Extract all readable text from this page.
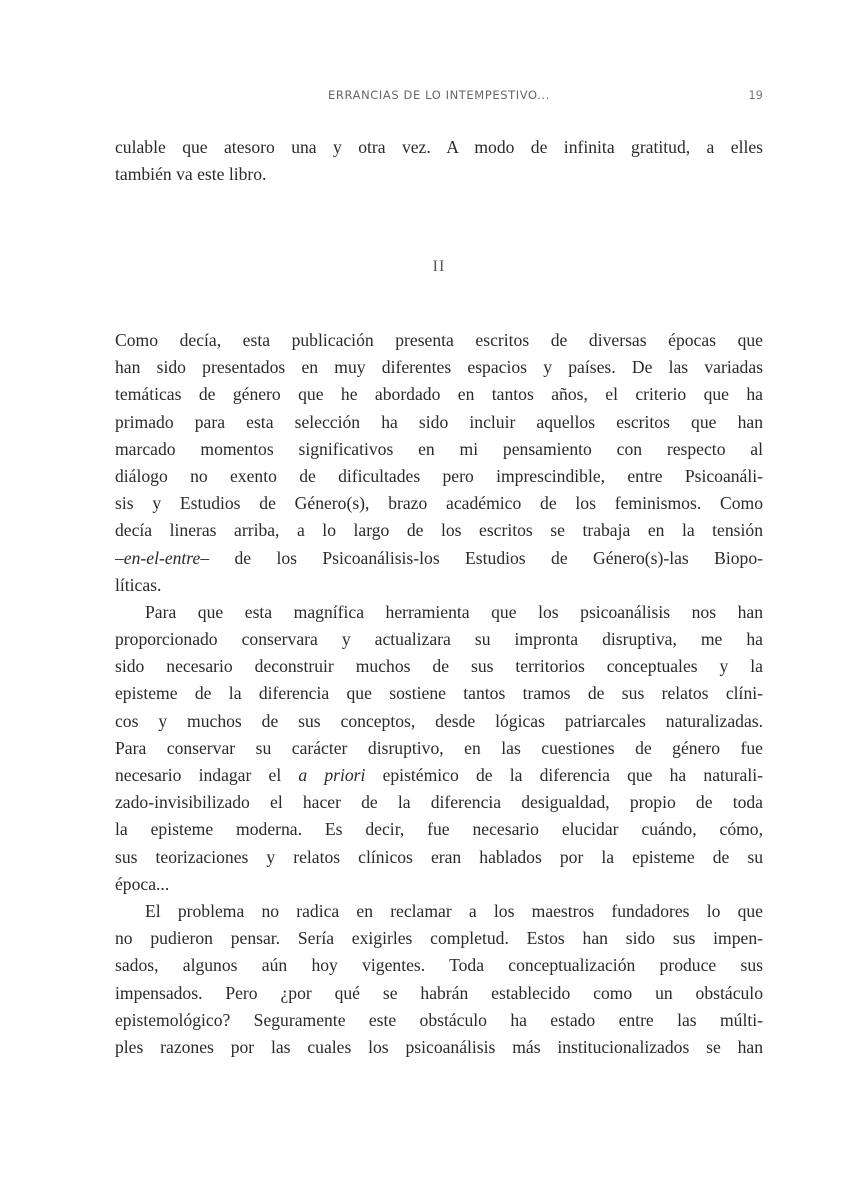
ERRANCIAS DE LO INTEMPESTIVO...	19
culable que atesoro una y otra vez. A modo de infinita gratitud, a elles
también va este libro.
II
Como decía, esta publicación presenta escritos de diversas épocas que
han sido presentados en muy diferentes espacios y países. De las variadas
temáticas de género que he abordado en tantos años, el criterio que ha
primado para esta selección ha sido incluir aquellos escritos que han
marcado momentos significativos en mi pensamiento con respecto al
diálogo no exento de dificultades pero imprescindible, entre Psicoanáli-
sis y Estudios de Género(s), brazo académico de los feminismos. Como
decía lineras arriba, a lo largo de los escritos se trabaja en la tensión
–en-el-entre– de los Psicoanálisis-los Estudios de Género(s)-las Biopo-
líticas.
Para que esta magnífica herramienta que los psicoanálisis nos han
proporcionado conservara y actualizara su impronta disruptiva, me ha
sido necesario deconstruir muchos de sus territorios conceptuales y la
episteme de la diferencia que sostiene tantos tramos de sus relatos clíni-
cos y muchos de sus conceptos, desde lógicas patriarcales naturalizadas.
Para conservar su carácter disruptivo, en las cuestiones de género fue
necesario indagar el a priori epistémico de la diferencia que ha naturali-
zado-invisibilizado el hacer de la diferencia desigualdad, propio de toda
la episteme moderna. Es decir, fue necesario elucidar cuándo, cómo,
sus teorizaciones y relatos clínicos eran hablados por la episteme de su
época...
El problema no radica en reclamar a los maestros fundadores lo que
no pudieron pensar. Sería exigirles completud. Estos han sido sus impen-
sados, algunos aún hoy vigentes. Toda conceptualización produce sus
impensados. Pero ¿por qué se habrán establecido como un obstáculo
epistemológico? Seguramente este obstáculo ha estado entre las múlti-
ples razones por las cuales los psicoanálisis más institucionalizados se han
